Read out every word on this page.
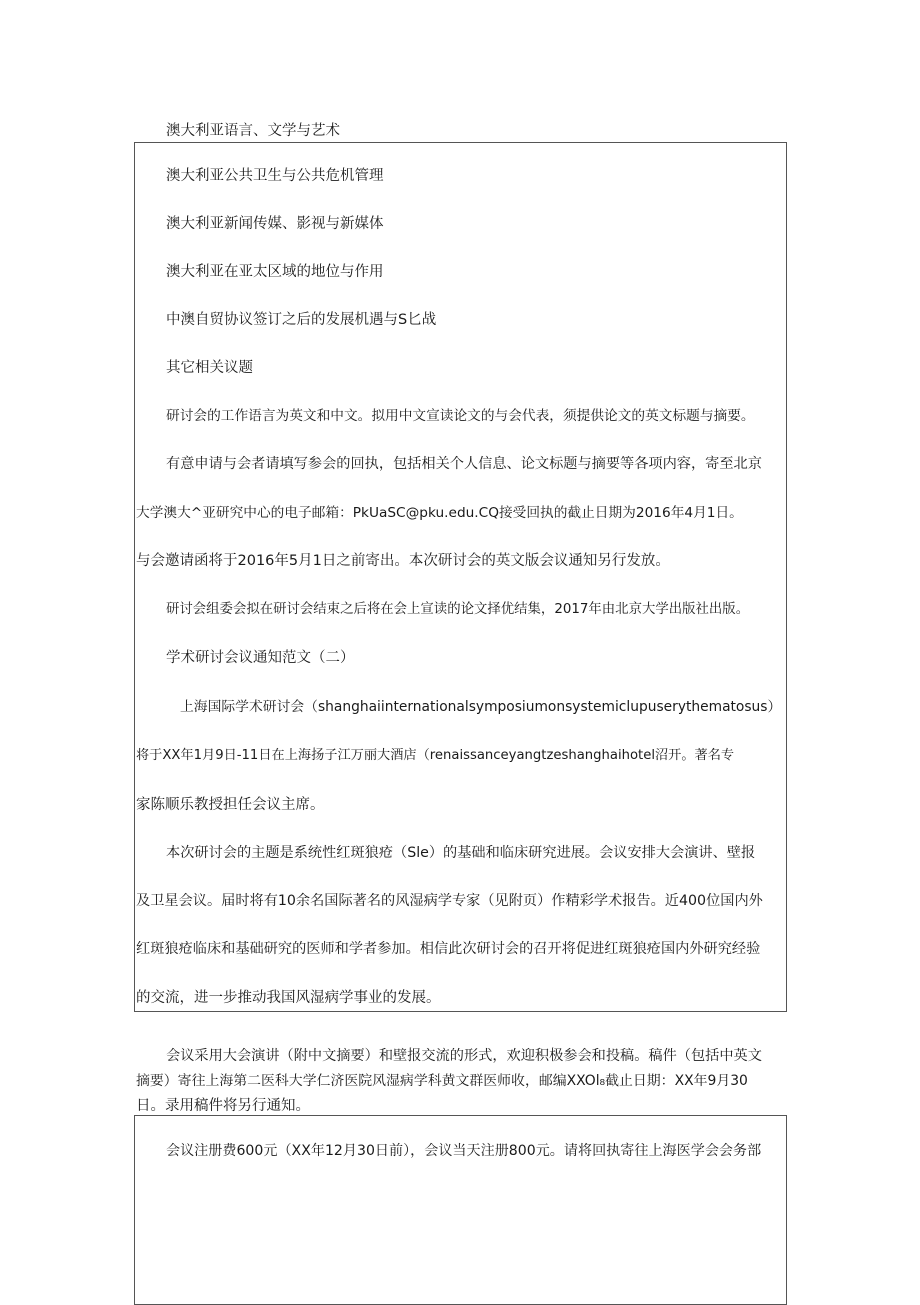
澳大利亚语言、文学与艺术
澳大利亚公共卫生与公共危机管理
澳大利亚新闻传媒、影视与新媒体
澳大利亚在亚太区域的地位与作用
中澳自贸协议签订之后的发展机遇与S匕战
其它相关议题
研讨会的工作语言为英文和中文。拟用中文宣读论文的与会代表，须提供论文的英文标题与摘要。
有意申请与会者请填写参会的回执，包括相关个人信息、论文标题与摘要等各项内容，寄至北京
大学澳大^亚研究中心的电子邮箱：PkUaSC@pku.edu.CQ接受回执的截止日期为2016年4月1日。
与会邀请函将于2016年5月1日之前寄出。本次研讨会的英文版会议通知另行发放。
研讨会组委会拟在研讨会结束之后将在会上宣读的论文择优结集，2017年由北京大学出版社出版。
学术研讨会议通知范文（二）
上海国际学术研讨会（shanghaiinternationalsymposiumonsystemiclupuserythematosus）
将于XX年1月9日-11日在上海扬子江万丽大酒店（renaissanceyangtzeshanghaihotel沼开。著名专
家陈顺乐教授担任会议主席。
本次研讨会的主题是系统性红斑狼疮（Sle）的基础和临床研究进展。会议安排大会演讲、壁报
及卫星会议。届时将有10余名国际著名的风湿病学专家（见附页）作精彩学术报告。近400位国内外
红斑狼疮临床和基础研究的医师和学者参加。相信此次研讨会的召开将促进红斑狼疮国内外研究经验
的交流，进一步推动我国风湿病学事业的发展。
会议采用大会演讲（附中文摘要）和壁报交流的形式，欢迎积极参会和投稿。稿件（包括中英文
摘要）寄往上海第二医科大学仁济医院风湿病学科黄文群医师收，邮编XXOl₈截止日期：XX年9月30
日。录用稿件将另行通知。
会议注册费600元（XX年12月30日前），会议当天注册800元。请将回执寄往上海医学会会务部
